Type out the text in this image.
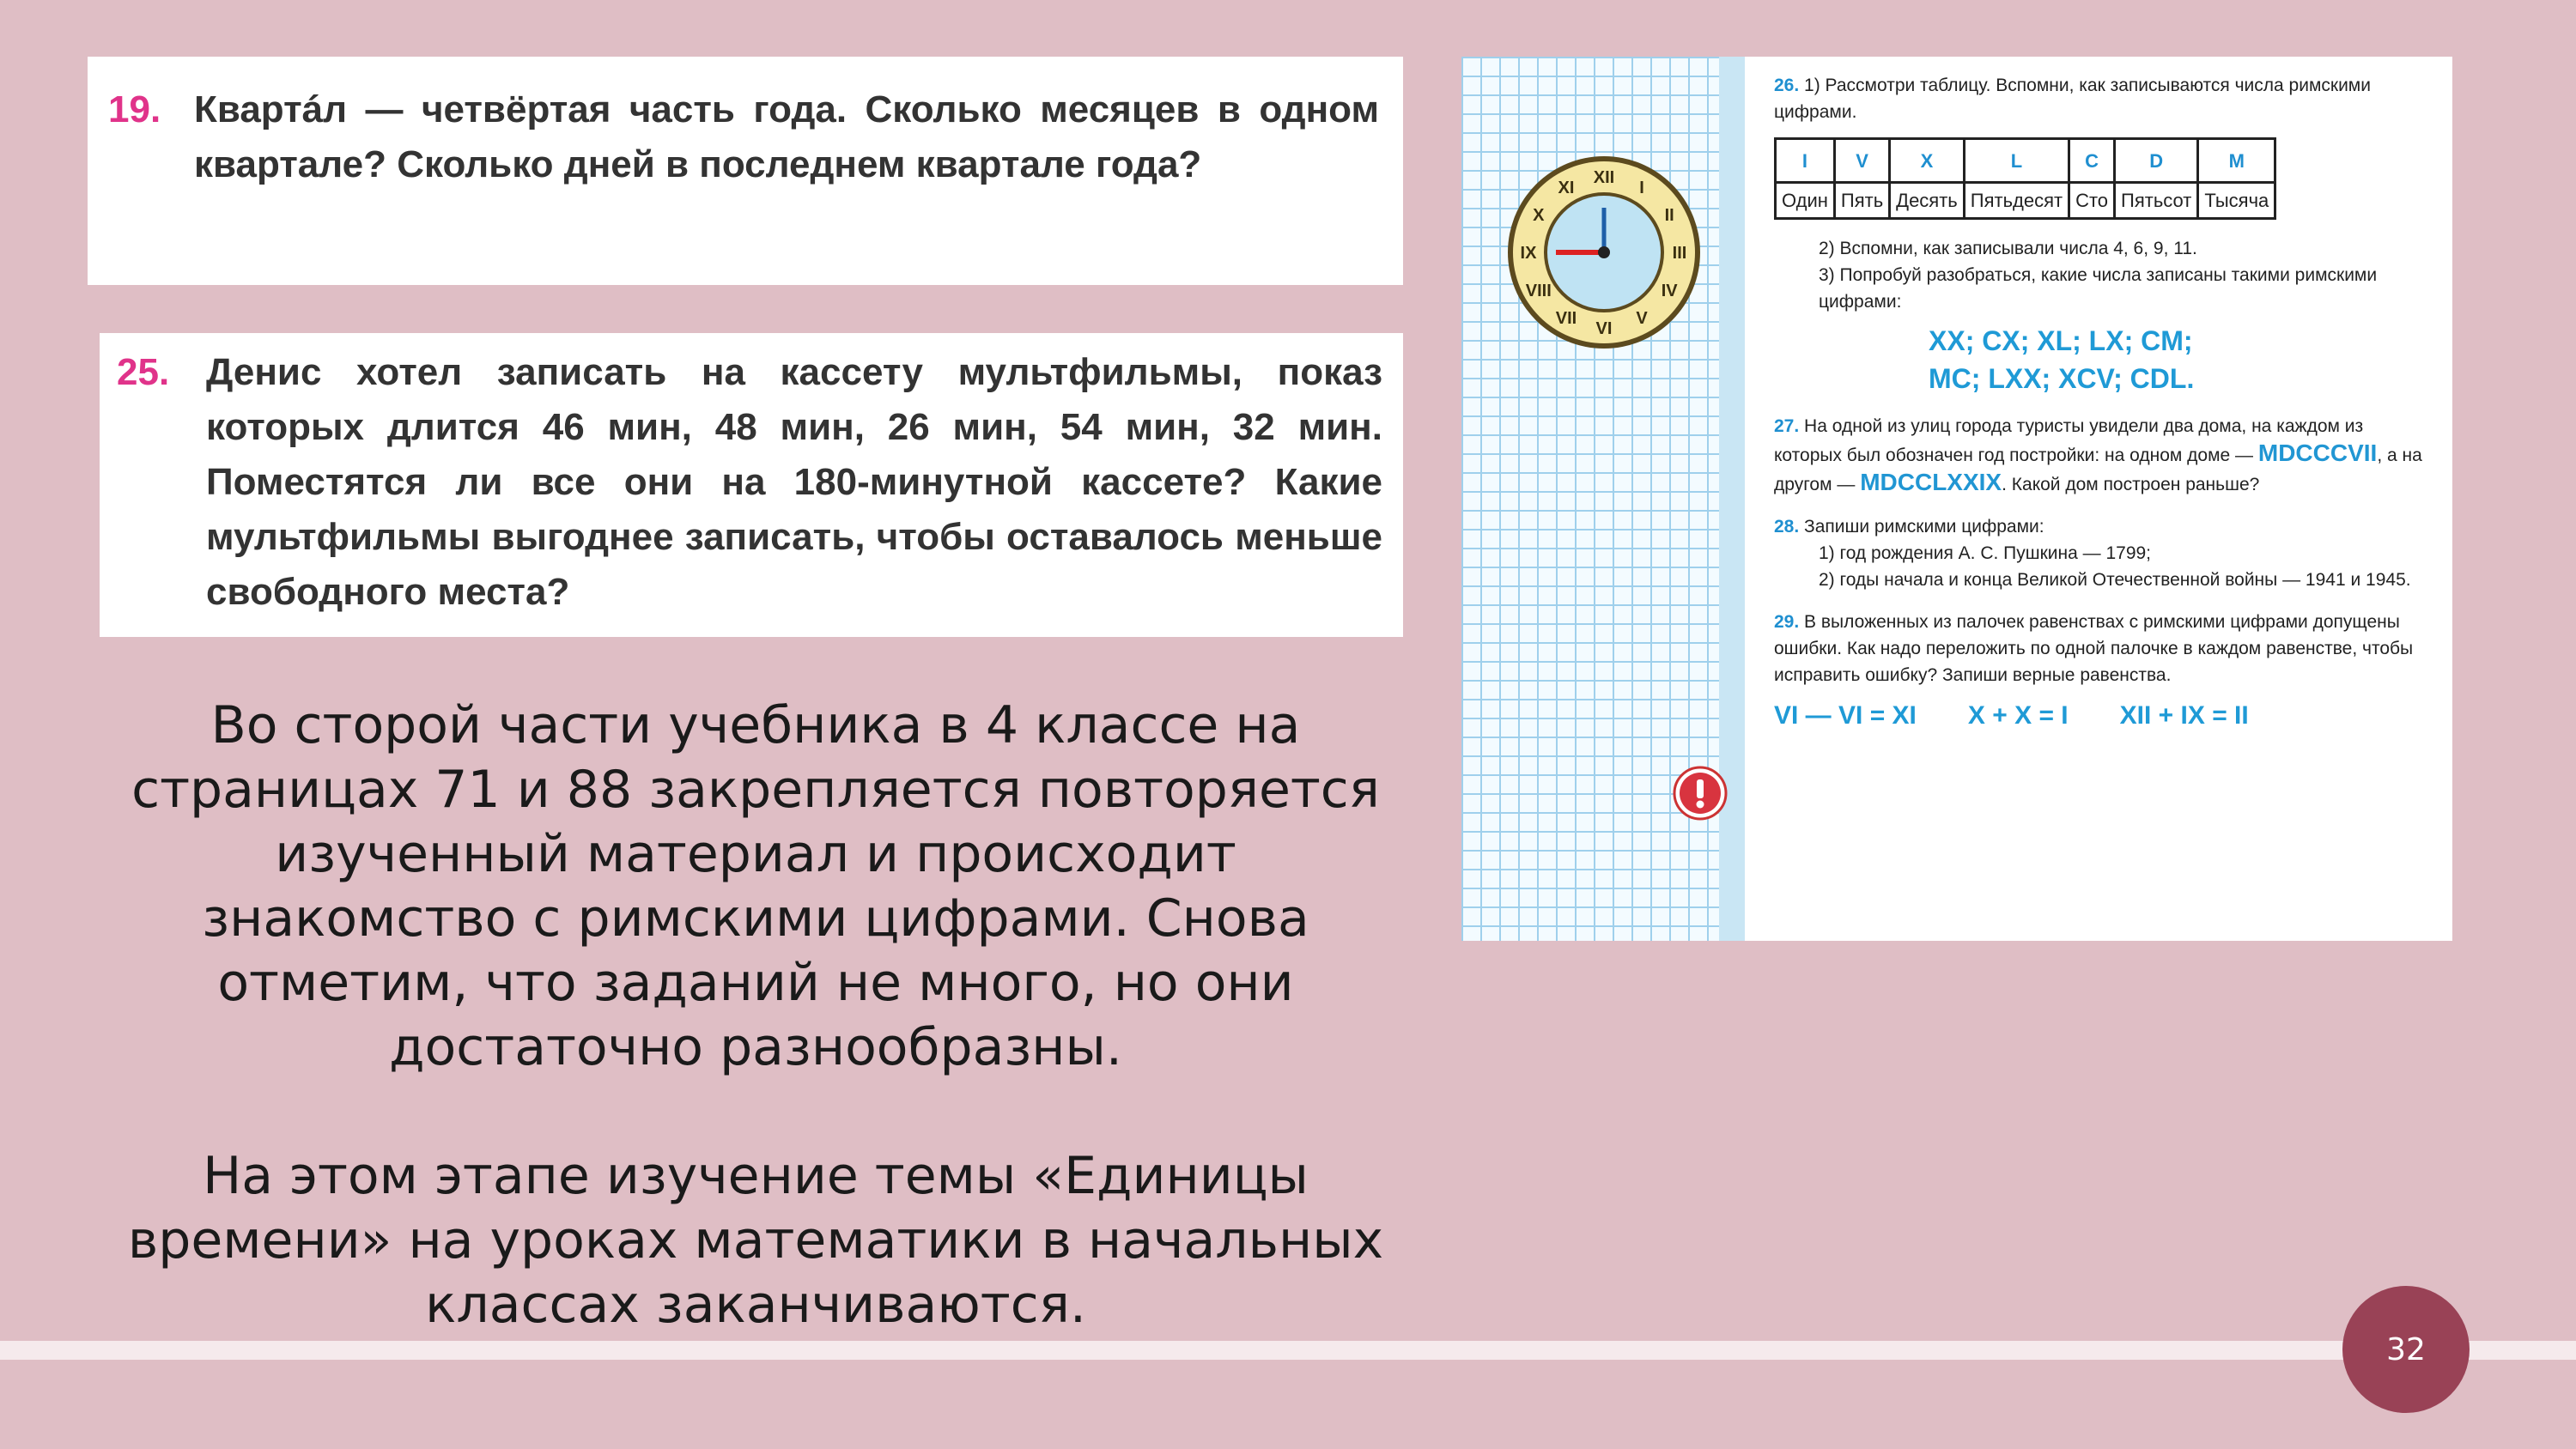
19. Квартáл — четвёртая часть года. Сколько месяцев в одном квартале? Сколько дней в последнем квартале года?
25. Денис хотел записать на кассету мультфильмы, показ которых длится 46 мин, 48 мин, 26 мин, 54 мин, 32 мин. Поместятся ли все они на 180-минутной кассете? Какие мультфильмы выгоднее записать, чтобы оставалось меньше свободного места?

Во сторой части учебника в 4 классе на страницах 71 и 88 закрепляется повторяется изученный материал и происходит знакомство с римскими цифрами. Снова отметим, что заданий не много, но они достаточно разнообразны.

На этом этапе изучение темы «Единицы времени» на уроках математики в начальных классах заканчиваются.

XII
I
II
III
IV
V
VI
VII
VIII
IX
X
XI
26. 1) Рассмотри таблицу. Вспомни, как записываются числа римскими цифрами.
I	V	X	L	C	D	M
Один	Пять	Десять	Пятьдесят	Сто	Пятьсот	Тысяча
2) Вспомни, как записывали числа 4, 6, 9, 11.
3) Попробуй разобраться, какие числа записаны такими римскими цифрами:
XX; CX; XL; LX; CM;
MC; LXX; XCV; CDL.
27. На одной из улиц города туристы увидели два дома, на каждом из которых был обозначен год постройки: на одном доме — MDCCCVII, а на другом — MDCCLXXIX. Какой дом построен раньше?
28. Запиши римскими цифрами:
1) год рождения А. С. Пушкина — 1799;
2) годы начала и конца Великой Отечественной войны — 1941 и 1945.
29. В выложенных из палочек равенствах с римскими цифрами допущены ошибки. Как надо переложить по одной палочке в каждом равенстве, чтобы исправить ошибку? Запиши верные равенства.
VI — VI = XI X + X = I XII + IX = II
32
